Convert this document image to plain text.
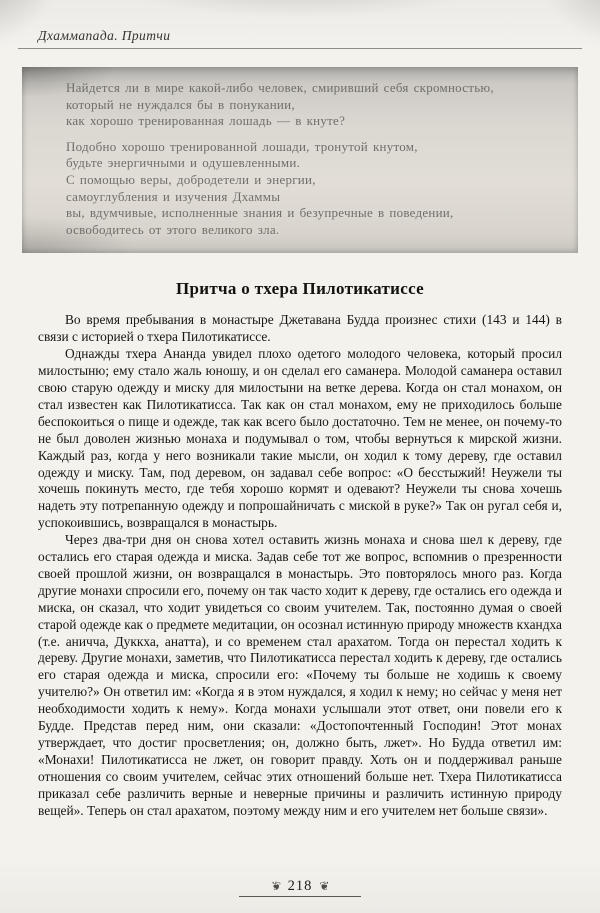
Дхаммапада. Притчи
Найдется ли в мире какой-либо человек, смиривший себя скромностью,
который не нуждался бы в понукании,
как хорошо тренированная лошадь — в кнуте?
Подобно хорошо тренированной лошади, тронутой кнутом,
будьте энергичными и одушевленными.
С помощью веры, добродетели и энергии,
самоуглубления и изучения Дхаммы
вы, вдумчивые, исполненные знания и безупречные в поведении,
освободитесь от этого великого зла.
Притча о тхера Пилотикатиссе

Во время пребывания в монастыре Джетавана Будда произнес стихи (143 и 144) в связи с историей о тхера Пилотикатиссе.

Однажды тхера Ананда увидел плохо одетого молодого человека, который просил милостыню; ему стало жаль юношу, и он сделал его саманера. Молодой саманера оставил свою старую одежду и миску для милостыни на ветке дерева. Когда он стал монахом, он стал известен как Пилотикатисса. Так как он стал монахом, ему не приходилось больше беспокоиться о пище и одежде, так как всего было достаточно. Тем не менее, он почему-то не был доволен жизнью монаха и подумывал о том, чтобы вернуться к мирской жизни. Каждый раз, когда у него возникали такие мысли, он ходил к тому дереву, где оставил одежду и миску. Там, под деревом, он задавал себе вопрос: «О бесстыжий! Неужели ты хочешь покинуть место, где тебя хорошо кормят и одевают? Неужели ты снова хочешь надеть эту потрепанную одежду и попрошайничать с миской в руке?» Так он ругал себя и, успокоившись, возвращался в монастырь.

Через два-три дня он снова хотел оставить жизнь монаха и снова шел к дереву, где остались его старая одежда и миска. Задав себе тот же вопрос, вспомнив о презренности своей прошлой жизни, он возвращался в монастырь. Это повторялось много раз. Когда другие монахи спросили его, почему он так часто ходит к дереву, где остались его одежда и миска, он сказал, что ходит увидеться со своим учителем. Так, постоянно думая о своей старой одежде как о предмете медитации, он осознал истинную природу множеств кхандха (т.е. аничча, Дуккха, анатта), и со временем стал арахатом. Тогда он перестал ходить к дереву. Другие монахи, заметив, что Пилотикатисса перестал ходить к дереву, где остались его старая одежда и миска, спросили его: «Почему ты больше не ходишь к своему учителю?» Он ответил им: «Когда я в этом нуждался, я ходил к нему; но сейчас у меня нет необходимости ходить к нему». Когда монахи услышали этот ответ, они повели его к Будде. Представ перед ним, они сказали: «Достопочтенный Господин! Этот монах утверждает, что достиг просветления; он, должно быть, лжет». Но Будда ответил им: «Монахи! Пилотикатисса не лжет, он говорит правду. Хоть он и поддерживал раньше отношения со своим учителем, сейчас этих отношений больше нет. Тхера Пилотикатисса приказал себе различить верные и неверные причины и различить истинную природу вещей». Теперь он стал арахатом, поэтому между ним и его учителем нет больше связи».

❦ 218 ❦
